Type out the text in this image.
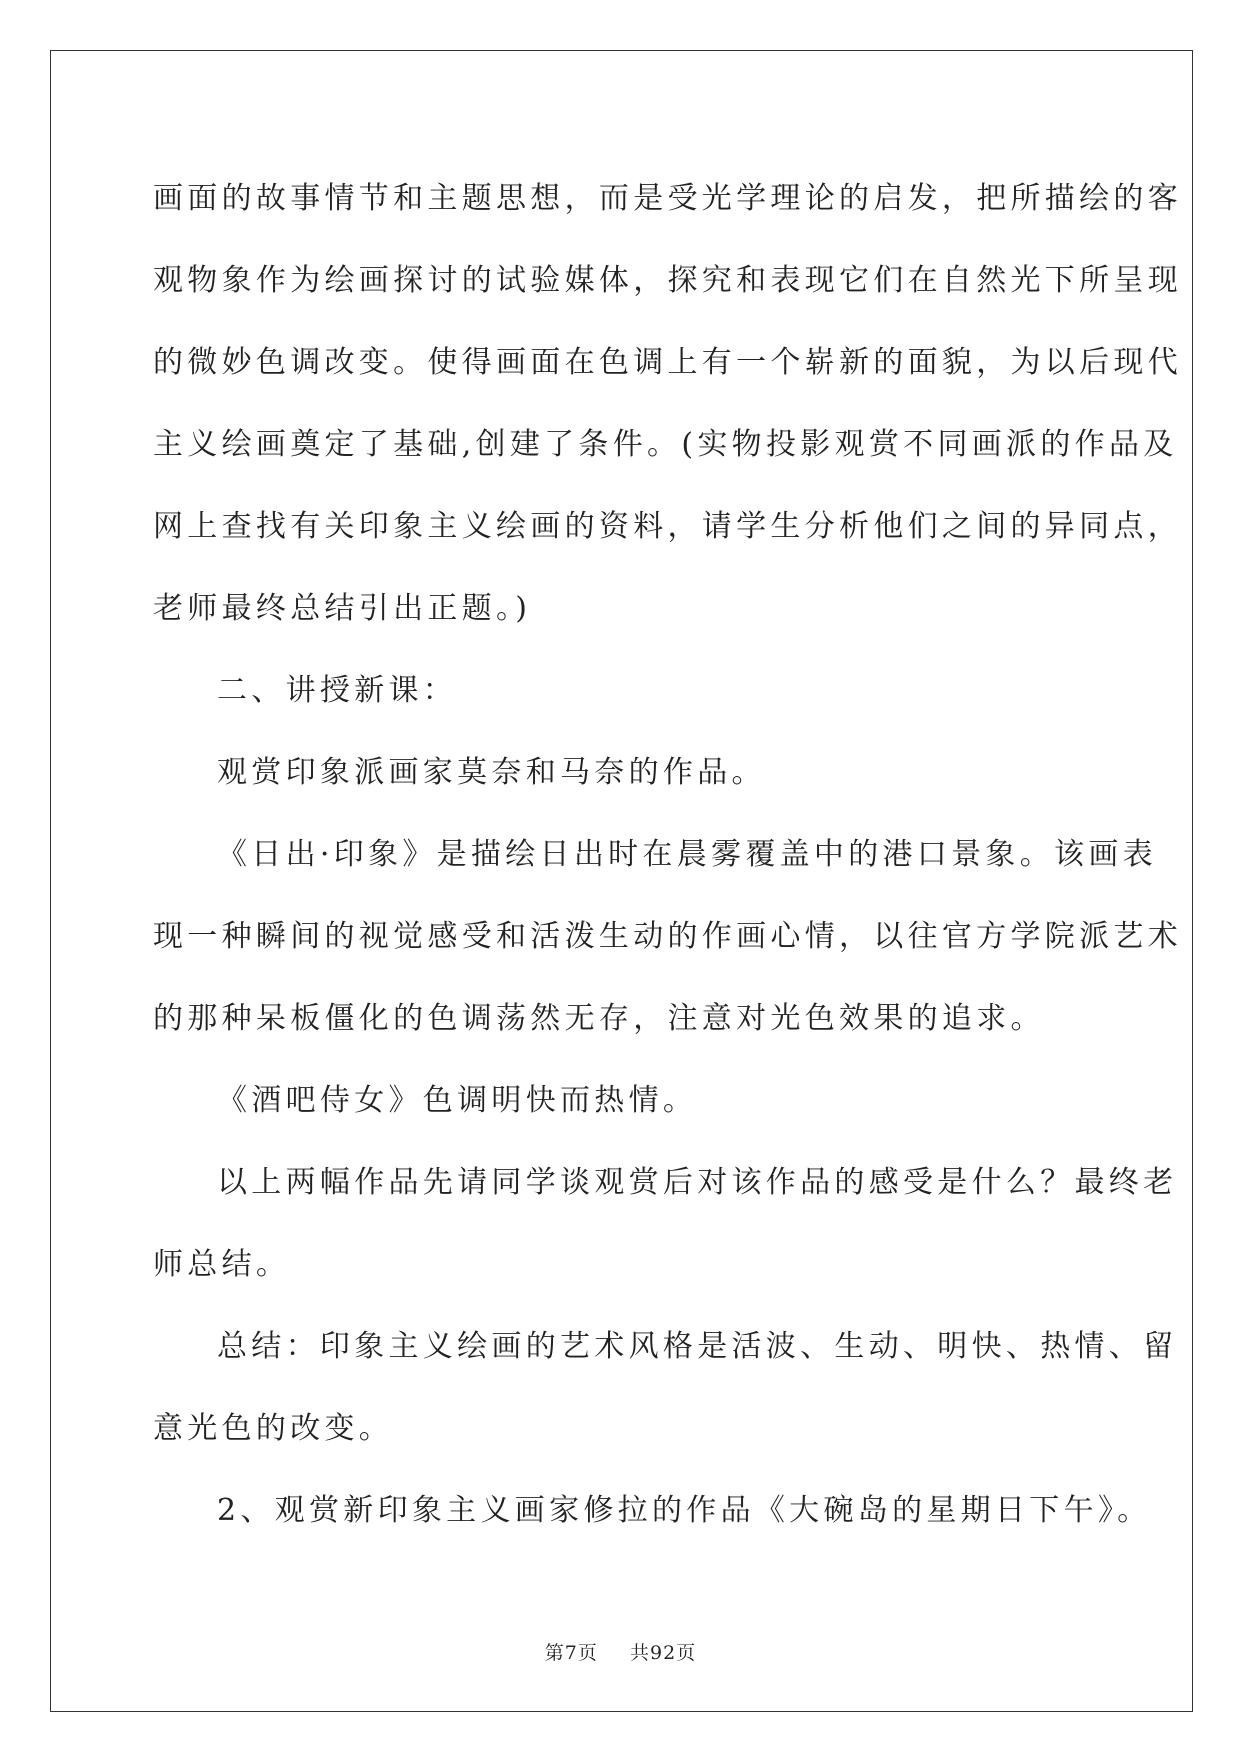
画面的故事情节和主题思想，而是受光学理论的启发，把所描绘的客
观物象作为绘画探讨的试验媒体，探究和表现它们在自然光下所呈现
的微妙色调改变。使得画面在色调上有一个崭新的面貌，为以后现代
主义绘画奠定了基础,创建了条件。(实物投影观赏不同画派的作品及
网上查找有关印象主义绘画的资料，请学生分析他们之间的异同点，
老师最终总结引出正题。)
二、讲授新课：
观赏印象派画家莫奈和马奈的作品。
《日出·印象》是描绘日出时在晨雾覆盖中的港口景象。该画表
现一种瞬间的视觉感受和活泼生动的作画心情，以往官方学院派艺术
的那种呆板僵化的色调荡然无存，注意对光色效果的追求。
《酒吧侍女》色调明快而热情。
以上两幅作品先请同学谈观赏后对该作品的感受是什么？最终老
师总结。
总结：印象主义绘画的艺术风格是活波、生动、明快、热情、留
意光色的改变。
2、观赏新印象主义画家修拉的作品《大碗岛的星期日下午》。
第7页 共92页
